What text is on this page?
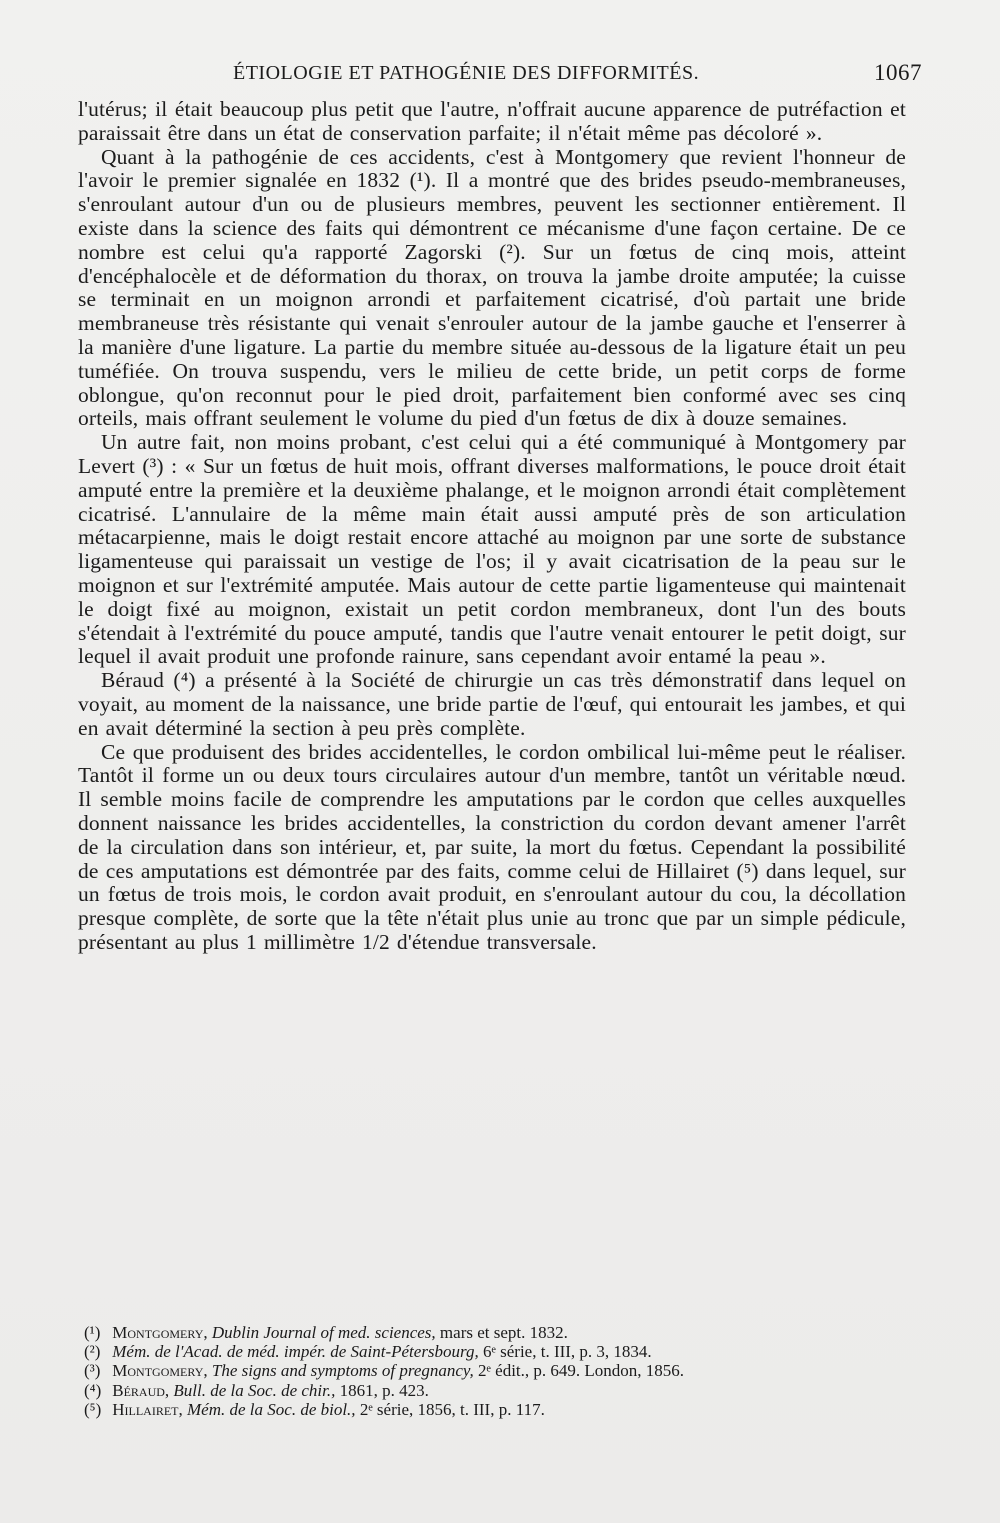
ÉTIOLOGIE ET PATHOGÉNIE DES DIFFORMITÉS.	1067

l'utérus; il était beaucoup plus petit que l'autre, n'offrait aucune apparence de putréfaction et paraissait être dans un état de conservation parfaite; il n'était même pas décoloré ».

Quant à la pathogénie de ces accidents, c'est à Montgomery que revient l'honneur de l'avoir le premier signalée en 1832 (¹). Il a montré que des brides pseudo-membraneuses, s'enroulant autour d'un ou de plusieurs membres, peuvent les sectionner entièrement. Il existe dans la science des faits qui démontrent ce mécanisme d'une façon certaine. De ce nombre est celui qu'a rapporté Zagorski (²). Sur un fœtus de cinq mois, atteint d'encéphalocèle et de déformation du thorax, on trouva la jambe droite amputée; la cuisse se terminait en un moignon arrondi et parfaitement cicatrisé, d'où partait une bride membraneuse très résistante qui venait s'enrouler autour de la jambe gauche et l'enserrer à la manière d'une ligature. La partie du membre située au-dessous de la ligature était un peu tuméfiée. On trouva suspendu, vers le milieu de cette bride, un petit corps de forme oblongue, qu'on reconnut pour le pied droit, parfaitement bien conformé avec ses cinq orteils, mais offrant seulement le volume du pied d'un fœtus de dix à douze semaines.

Un autre fait, non moins probant, c'est celui qui a été communiqué à Montgomery par Levert (³) : « Sur un fœtus de huit mois, offrant diverses malformations, le pouce droit était amputé entre la première et la deuxième phalange, et le moignon arrondi était complètement cicatrisé. L'annulaire de la même main était aussi amputé près de son articulation métacarpienne, mais le doigt restait encore attaché au moignon par une sorte de substance ligamenteuse qui paraissait un vestige de l'os; il y avait cicatrisation de la peau sur le moignon et sur l'extrémité amputée. Mais autour de cette partie ligamenteuse qui maintenait le doigt fixé au moignon, existait un petit cordon membraneux, dont l'un des bouts s'étendait à l'extrémité du pouce amputé, tandis que l'autre venait entourer le petit doigt, sur lequel il avait produit une profonde rainure, sans cependant avoir entamé la peau ».

Béraud (⁴) a présenté à la Société de chirurgie un cas très démonstratif dans lequel on voyait, au moment de la naissance, une bride partie de l'œuf, qui entourait les jambes, et qui en avait déterminé la section à peu près complète.

Ce que produisent des brides accidentelles, le cordon ombilical lui-même peut le réaliser. Tantôt il forme un ou deux tours circulaires autour d'un membre, tantôt un véritable nœud. Il semble moins facile de comprendre les amputations par le cordon que celles auxquelles donnent naissance les brides accidentelles, la constriction du cordon devant amener l'arrêt de la circulation dans son intérieur, et, par suite, la mort du fœtus. Cependant la possibilité de ces amputations est démontrée par des faits, comme celui de Hillairet (⁵) dans lequel, sur un fœtus de trois mois, le cordon avait produit, en s'enroulant autour du cou, la décollation presque complète, de sorte que la tête n'était plus unie au tronc que par un simple pédicule, présentant au plus 1 millimètre 1/2 d'étendue transversale.

(¹) Montgomery, Dublin Journal of med. sciences, mars et sept. 1832.

(²) Mém. de l'Acad. de méd. impér. de Saint-Pétersbourg, 6ᵉ série, t. III, p. 3, 1834.

(³) Montgomery, The signs and symptoms of pregnancy, 2ᵉ édit., p. 649. London, 1856.

(⁴) Béraud, Bull. de la Soc. de chir., 1861, p. 423.

(⁵) Hillairet, Mém. de la Soc. de biol., 2ᵉ série, 1856, t. III, p. 117.
